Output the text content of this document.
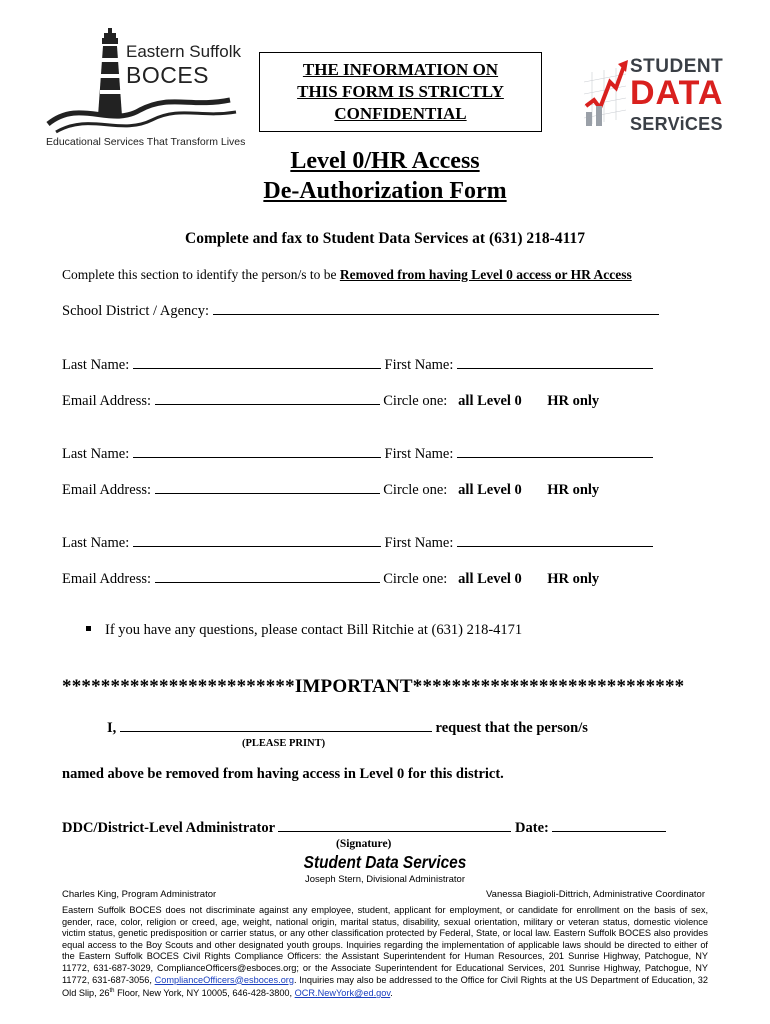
Eastern Suffolk
BOCES
Educational Services That Transform Lives
THE INFORMATION ON
THIS FORM IS STRICTLY
CONFIDENTIAL
STUDENT
DATA
SERViCES
Level 0/HR Access
De-Authorization Form
Complete and fax to Student Data Services at (631) 218-4117
Complete this section to identify the person/s to be Removed from having Level 0 access or HR Access
School District / Agency:
Last Name:	First Name:
Email Address:	Circle one: all Level 0 HR only
Last Name:	First Name:
Email Address:	Circle one: all Level 0 HR only
Last Name:	First Name:
Email Address:	Circle one: all Level 0 HR only
If you have any questions, please contact Bill Ritchie at (631) 218-4171
************************IMPORTANT****************************
I,	request that the person/s
(PLEASE PRINT)
named above be removed from having access in Level 0 for this district.
DDC/District-Level Administrator	Date:
(Signature)
Student Data Services
Joseph Stern, Divisional Administrator
Charles King, Program Administrator	Vanessa Biagioli-Dittrich, Administrative Coordinator
Eastern Suffolk BOCES does not discriminate against any employee, student, applicant for employment, or candidate for enrollment on the basis of sex, gender, race, color, religion or creed, age, weight, national origin, marital status, disability, sexual orientation, military or veteran status, domestic violence victim status, genetic predisposition or carrier status, or any other classification protected by Federal, State, or local law. Eastern Suffolk BOCES also provides equal access to the Boy Scouts and other designated youth groups. Inquiries regarding the implementation of applicable laws should be directed to either of the Eastern Suffolk BOCES Civil Rights Compliance Officers: the Assistant Superintendent for Human Resources, 201 Sunrise Highway, Patchogue, NY 11772, 631-687-3029, ComplianceOfficers@esboces.org; or the Associate Superintendent for Educational Services, 201 Sunrise Highway, Patchogue, NY 11772, 631-687-3056, ComplianceOfficers@esboces.org. Inquiries may also be addressed to the Office for Civil Rights at the US Department of Education, 32 Old Slip, 26th Floor, New York, NY 10005, 646-428-3800, OCR.NewYork@ed.gov.
